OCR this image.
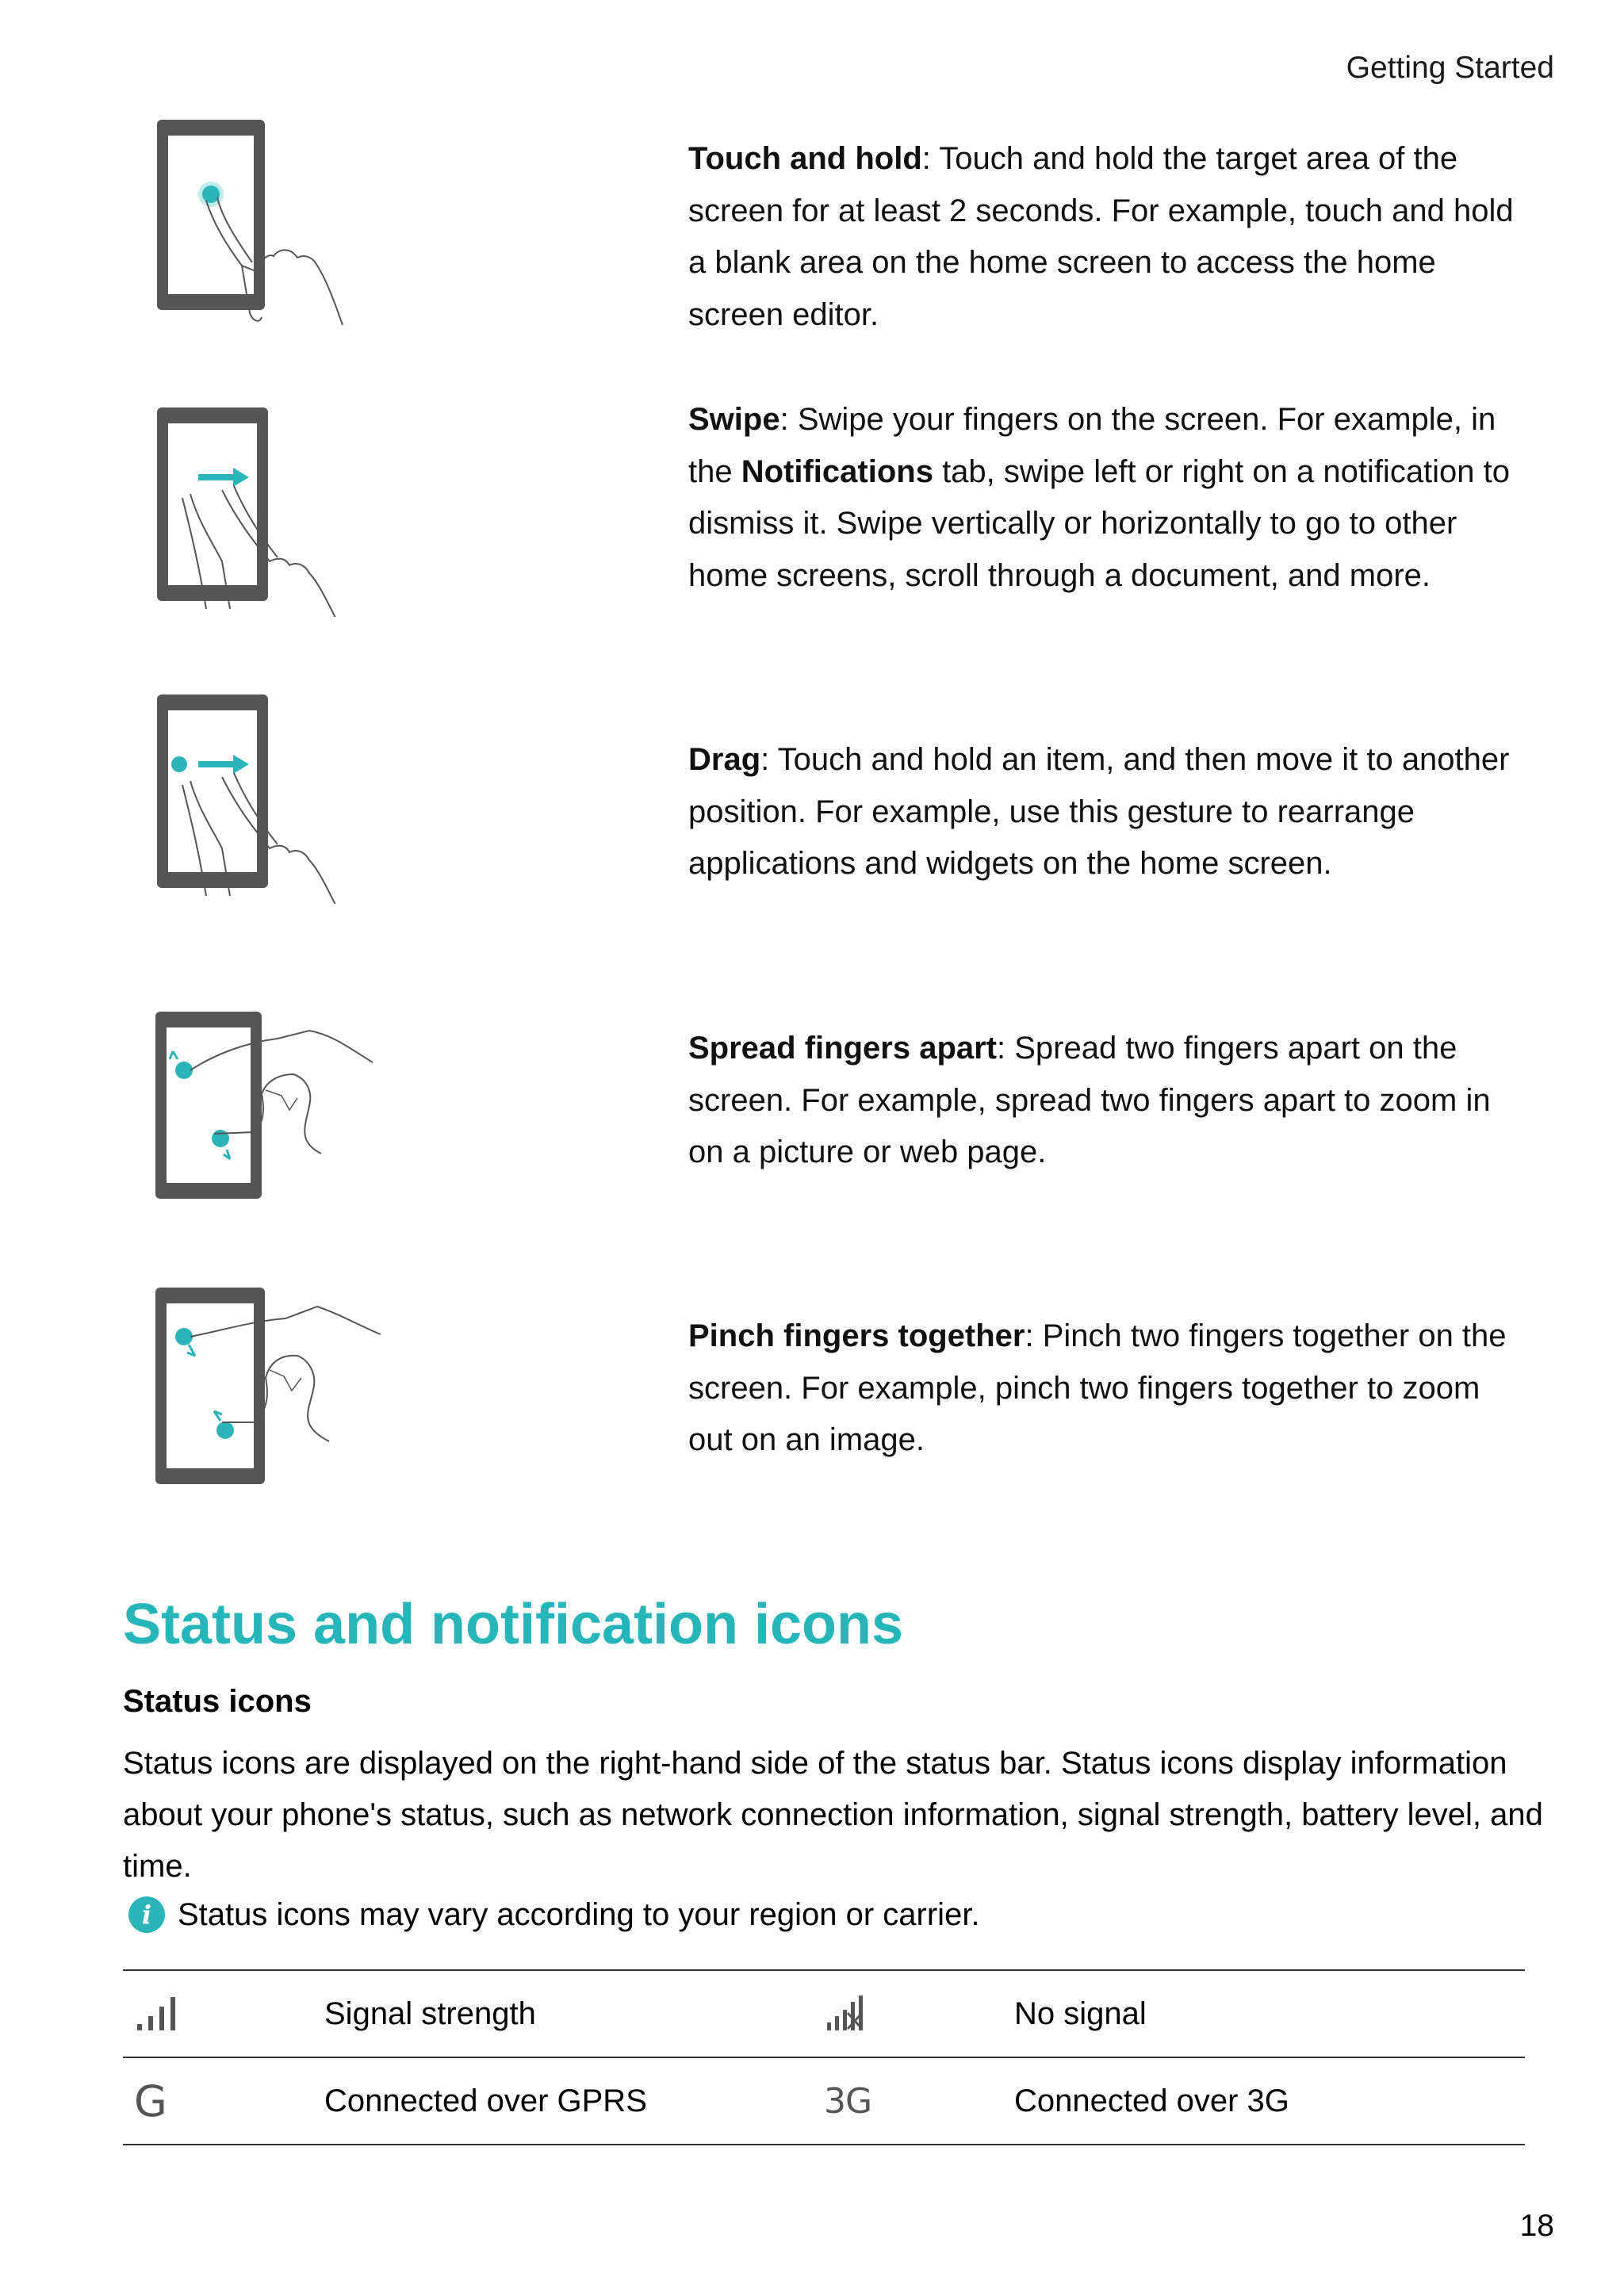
Getting Started
Touch and hold: Touch and hold the target area of the screen for at least 2 seconds. For example, touch and hold a blank area on the home screen to access the home screen editor.
Swipe: Swipe your fingers on the screen. For example, in the Notifications tab, swipe left or right on a notification to dismiss it. Swipe vertically or horizontally to go to other home screens, scroll through a document, and more.
Drag: Touch and hold an item, and then move it to another position. For example, use this gesture to rearrange applications and widgets on the home screen.
Spread fingers apart: Spread two fingers apart on the screen. For example, spread two fingers apart to zoom in on a picture or web page.
Pinch fingers together: Pinch two fingers together on the screen. For example, pinch two fingers together to zoom out on an image.
Status and notification icons
Status icons
Status icons are displayed on the right-hand side of the status bar. Status icons display information about your phone's status, such as network connection information, signal strength, battery level, and time.
i Status icons may vary according to your region or carrier.
Signal strength	No signal
G	Connected over GPRS	3G	Connected over 3G
18
